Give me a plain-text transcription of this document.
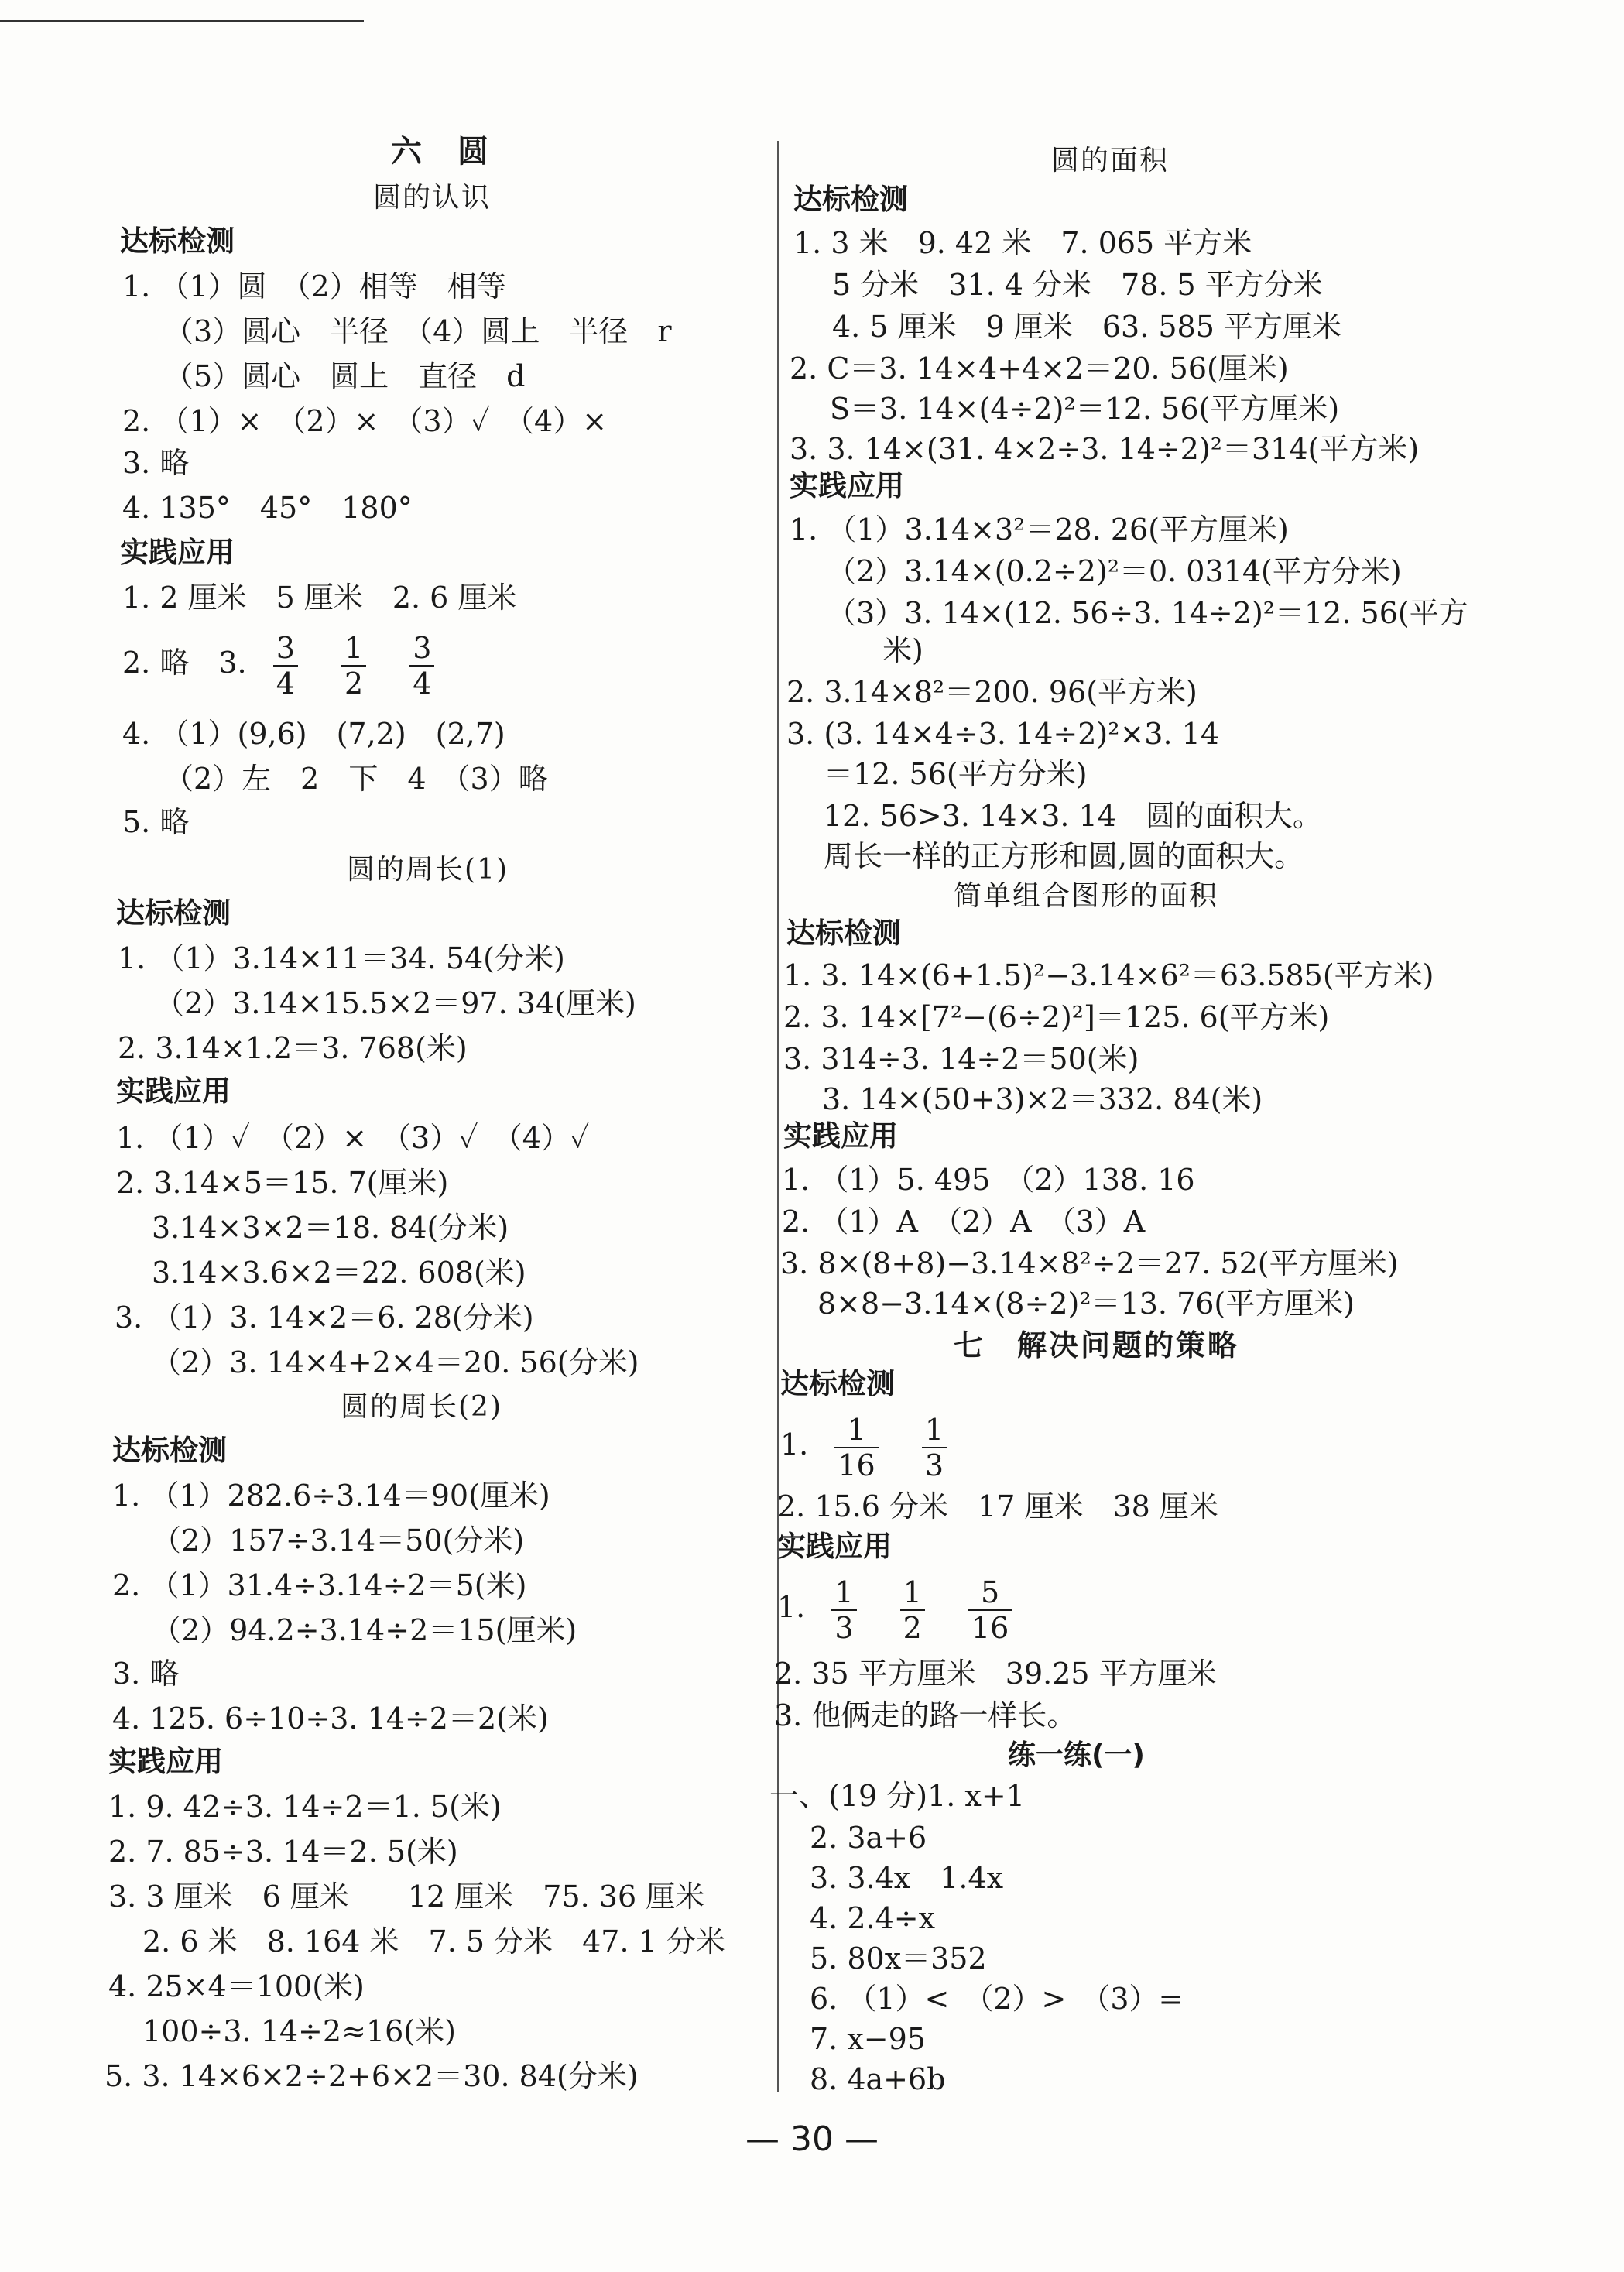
六　圆
圆的认识
达标检测
1. （1）圆　（2）相等　相等
（3）圆心　半径　（4）圆上　半径　r
（5）圆心　圆上　直径　d
2. （1）×　（2）×　（3）✓　（4）×
3. 略
4. 135°　45°　180°
实践应用
1. 2 厘米　5 厘米　2. 6 厘米
2. 略　3. $\frac{3}{4}$
$\frac{1}{2}$
$\frac{3}{4}$
4. （1）(9,6)　(7,2)　(2,7)
（2）左　2　下　4　（3）略
5. 略
圆的周长(1)
达标检测
1. （1）3.14×11＝34. 54(分米)
（2）3.14×15.5×2＝97. 34(厘米)
2. 3.14×1.2＝3. 768(米)
实践应用
1. （1）✓　（2）×　（3）✓　（4）✓
2. 3.14×5＝15. 7(厘米)
3.14×3×2＝18. 84(分米)
3.14×3.6×2＝22. 608(米)
3. （1）3. 14×2＝6. 28(分米)
（2）3. 14×4+2×4＝20. 56(分米)
圆的周长(2)
达标检测
1. （1）282.6÷3.14＝90(厘米)
（2）157÷3.14＝50(分米)
2. （1）31.4÷3.14÷2＝5(米)
（2）94.2÷3.14÷2＝15(厘米)
3. 略
4. 125. 6÷10÷3. 14÷2＝2(米)
实践应用
1. 9. 42÷3. 14÷2＝1. 5(米)
2. 7. 85÷3. 14＝2. 5(米)
3. 3 厘米　6 厘米　　12 厘米　75. 36 厘米
2. 6 米　8. 164 米　7. 5 分米　47. 1 分米
4. 25×4＝100(米)
100÷3. 14÷2≈16(米)
5. 3. 14×6×2÷2+6×2＝30. 84(分米)
圆的面积
达标检测
1. 3 米　9. 42 米　7. 065 平方米
5 分米　31. 4 分米　78. 5 平方分米
4. 5 厘米　9 厘米　63. 585 平方厘米
2. C＝3. 14×4+4×2＝20. 56(厘米)
S＝3. 14×(4÷2)²＝12. 56(平方厘米)
3. 3. 14×(31. 4×2÷3. 14÷2)²＝314(平方米)
实践应用
1. （1）3.14×3²＝28. 26(平方厘米)
（2）3.14×(0.2÷2)²＝0. 0314(平方分米)
（3）3. 14×(12. 56÷3. 14÷2)²＝12. 56(平方
米)
2. 3.14×8²＝200. 96(平方米)
3. (3. 14×4÷3. 14÷2)²×3. 14
＝12. 56(平方分米)
12. 56>3. 14×3. 14　圆的面积大。
周长一样的正方形和圆,圆的面积大。
简单组合图形的面积
达标检测
1. 3. 14×(6+1.5)²−3.14×6²＝63.585(平方米)
2. 3. 14×[7²−(6÷2)²]＝125. 6(平方米)
3. 314÷3. 14÷2＝50(米)
3. 14×(50+3)×2＝332. 84(米)
实践应用
1. （1）5. 495　（2）138. 16
2. （1）A　（2）A　（3）A
3. 8×(8+8)−3.14×8²÷2＝27. 52(平方厘米)
8×8−3.14×(8÷2)²＝13. 76(平方厘米)
七　解决问题的策略
达标检测
1. $\frac{1}{16}$
$\frac{1}{3}$
2. 15.6 分米　17 厘米　38 厘米
实践应用
1. $\frac{1}{3}$
$\frac{1}{2}$
$\frac{5}{16}$
2. 35 平方厘米　39.25 平方厘米
3. 他俩走的路一样长。
练一练(一)
一、(19 分)1. x+1
2. 3a+6
3. 3.4x　1.4x
4. 2.4÷x
5. 80x＝352
6. （1）<　（2）>　（3）=
7. x−95
8. 4a+6b
— 30 —
